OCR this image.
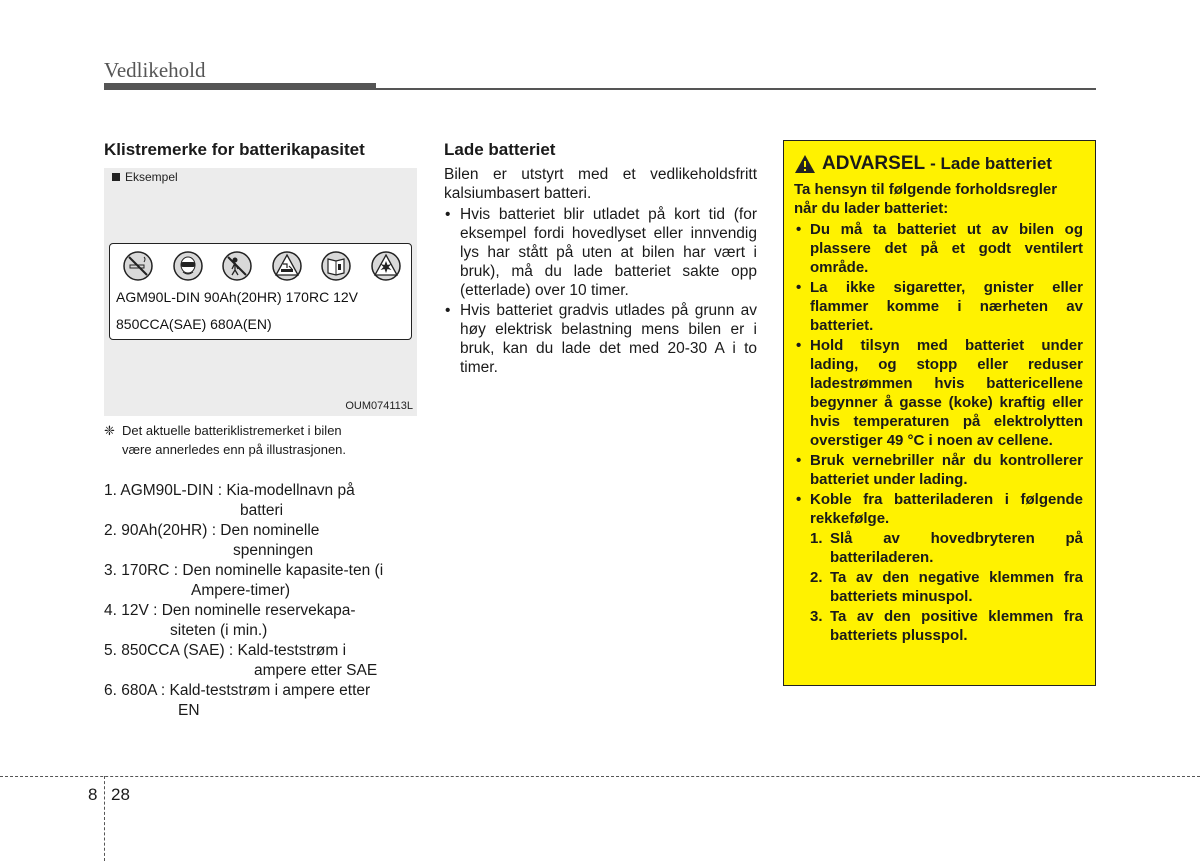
Vedlikehold
Klistremerke for batterikapasitet
Eksempel
AGM90L-DIN 90Ah(20HR) 170RC 12V
850CCA(SAE) 680A(EN)
OUM074113L
❈ Det aktuelle batteriklistremerket i bilen
være annerledes enn på illustrasjonen.
1. AGM90L-DIN : Kia-modellnavn på
batteri
2. 90Ah(20HR) : Den nominelle
spenningen
3. 170RC : Den nominelle kapasite-ten (i
Ampere-timer)
4. 12V : Den nominelle reservekapa-
siteten (i min.)
5. 850CCA (SAE) : Kald-teststrøm i
ampere etter SAE
6. 680A : Kald-teststrøm i ampere etter
EN
Lade batteriet

Bilen er utstyrt med et vedlikeholdsfritt kalsiumbasert batteri.

• Hvis batteriet blir utladet på kort tid (for eksempel fordi hovedlyset eller innvendig lys har stått på uten at bilen har vært i bruk), må du lade batteriet sakte opp (etterlade) over 10 timer.
• Hvis batteriet gradvis utlades på grunn av høy elektrisk belastning mens bilen er i bruk, kan du lade det med 20-30 A i to timer.
ADVARSEL - Lade batteriet
Ta hensyn til følgende forholdsregler når du lader batteriet:
• Du må ta batteriet ut av bilen og plassere det på et godt ventilert område.
• La ikke sigaretter, gnister eller flammer komme i nærheten av batteriet.
• Hold tilsyn med batteriet under lading, og stopp eller reduser ladestrømmen hvis battericellene begynner å gasse (koke) kraftig eller hvis temperaturen på elektrolytten overstiger 49 °C i noen av cellene.
• Bruk vernebriller når du kontrollerer batteriet under lading.
• Koble fra batteriladeren i følgende rekkefølge.
1. Slå av hovedbryteren på batteriladeren.
2. Ta av den negative klemmen fra batteriets minuspol.
3. Ta av den positive klemmen fra batteriets plusspol.
8 28
